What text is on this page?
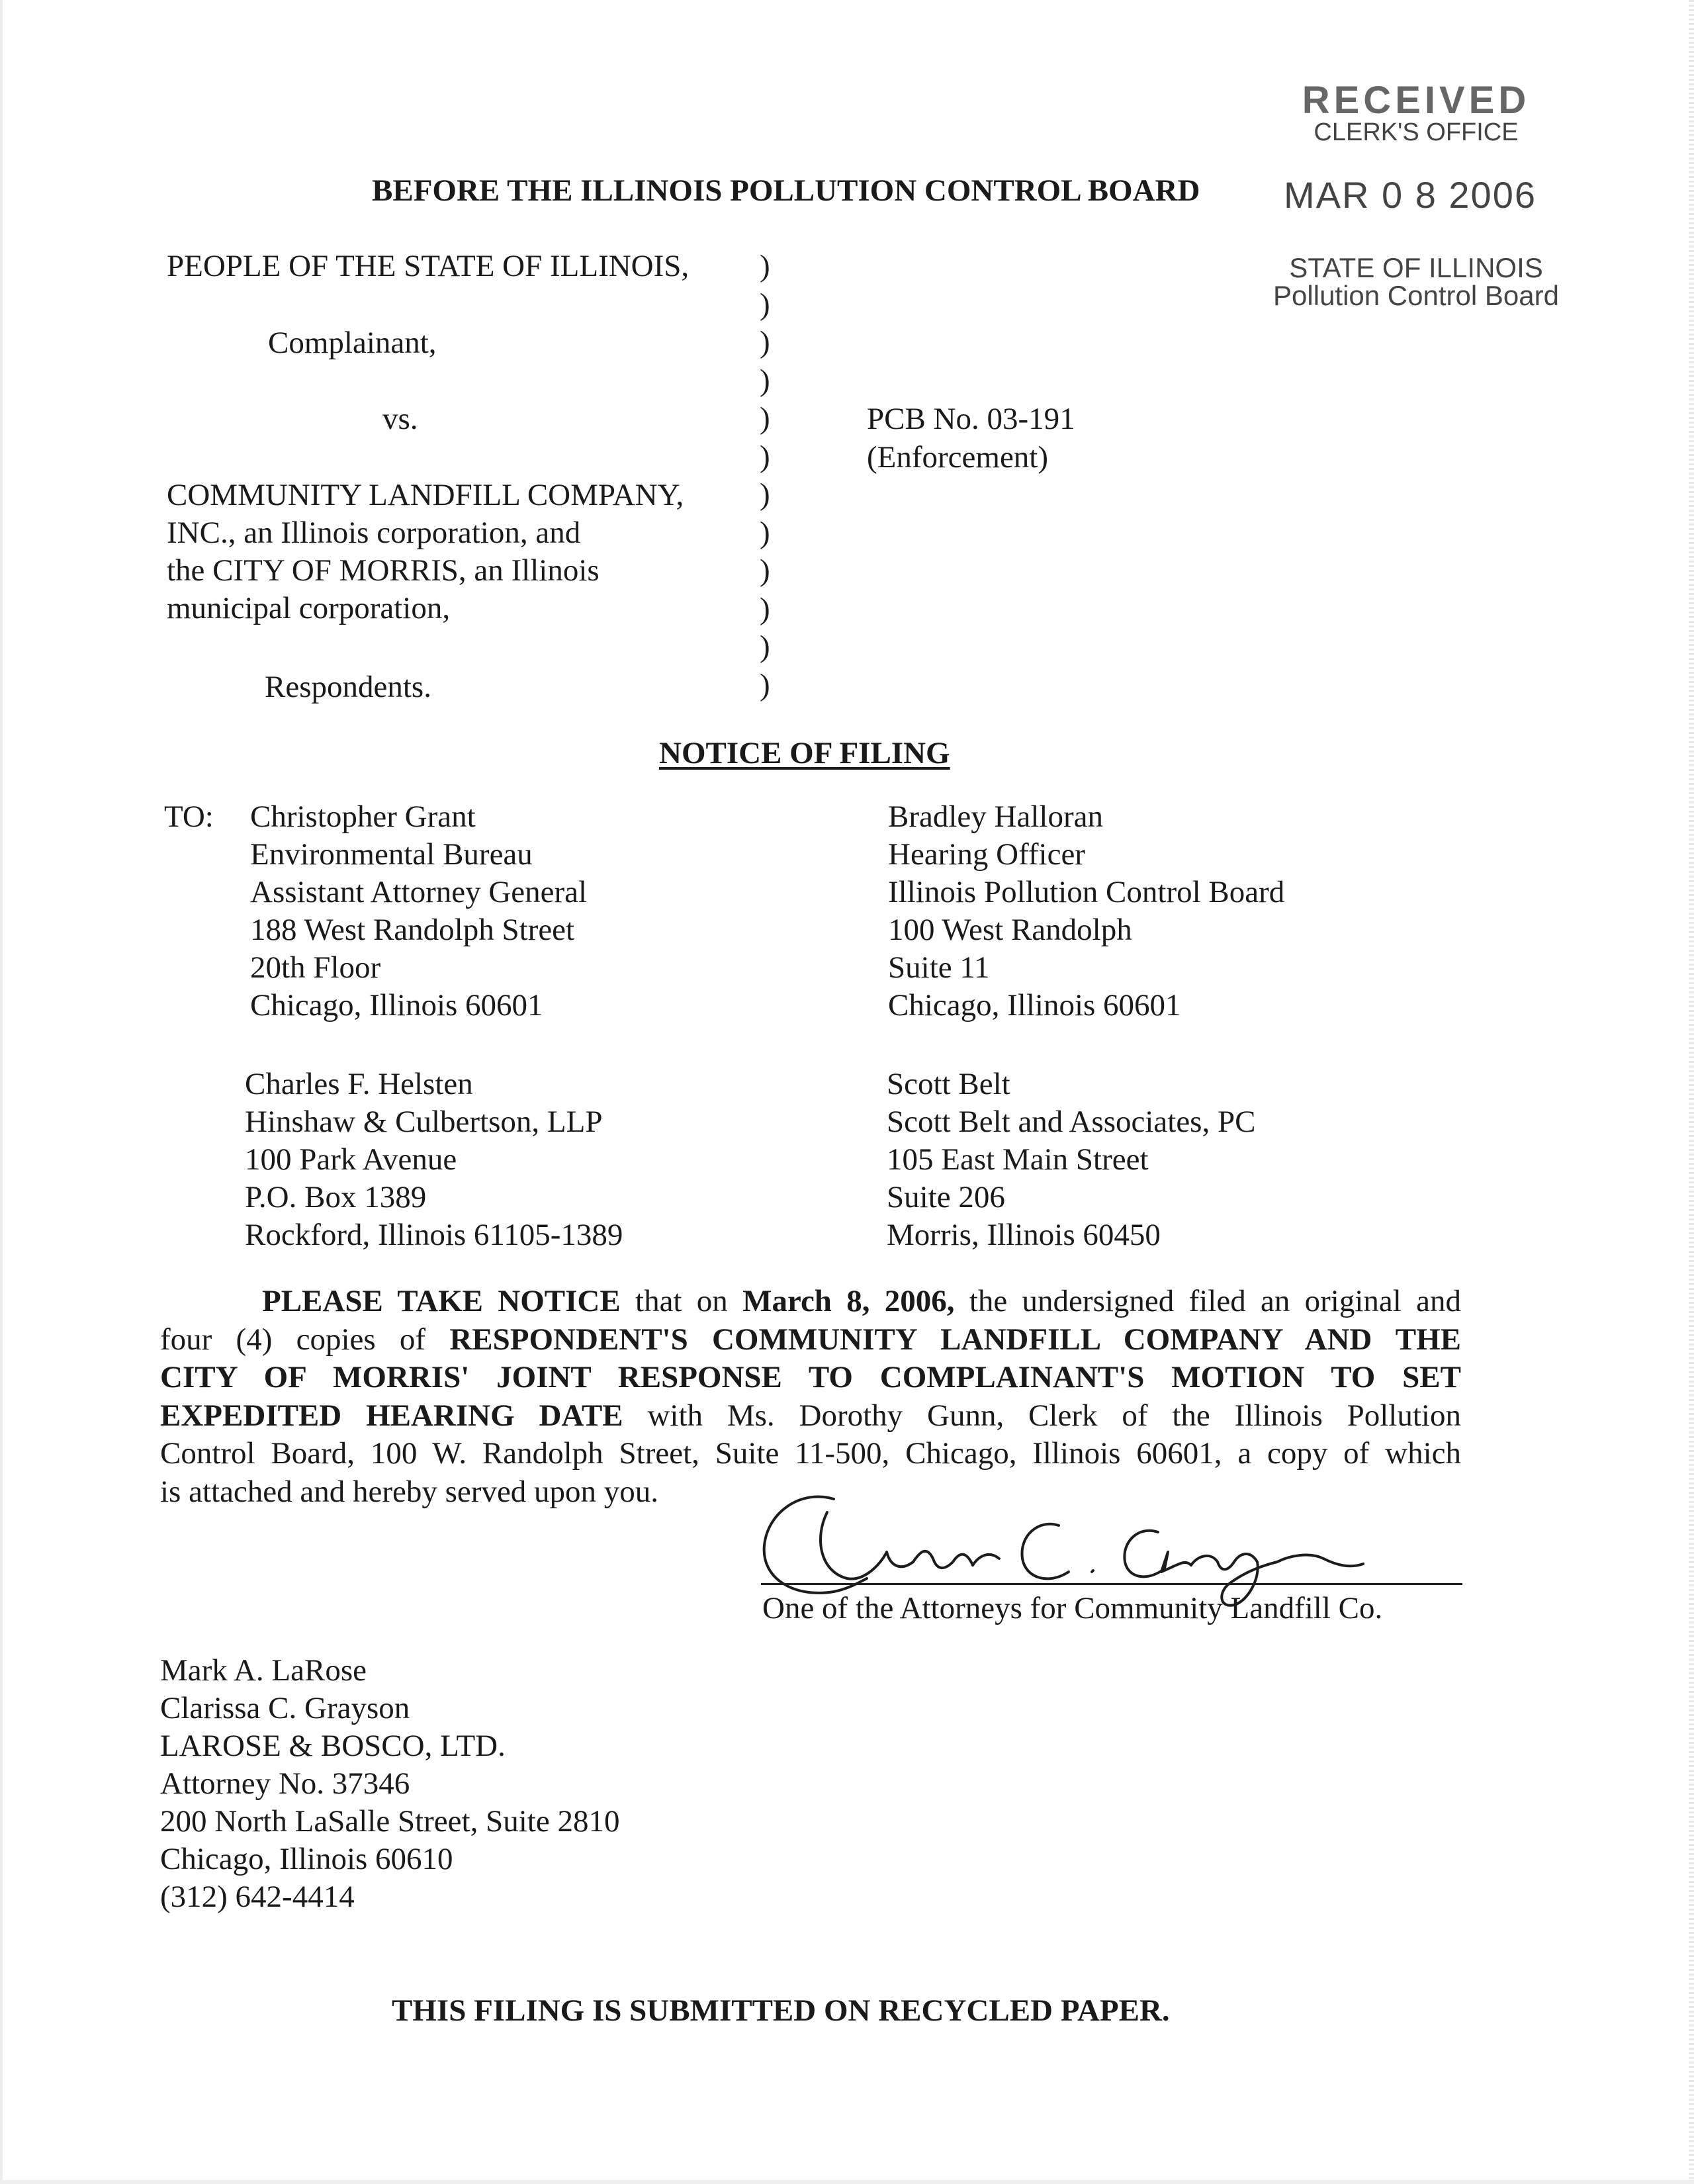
RECEIVED
CLERK'S OFFICE
MAR 0 8 2006
STATE OF ILLINOIS
Pollution Control Board
BEFORE THE ILLINOIS POLLUTION CONTROL BOARD
PEOPLE OF THE STATE OF ILLINOIS,
Complainant,
vs.
COMMUNITY LANDFILL COMPANY,
INC., an Illinois corporation, and
the CITY OF MORRIS, an Illinois
municipal corporation,
Respondents.
)
)
)
)
)
)
)
)
)
)
)
)
PCB No. 03-191
(Enforcement)
NOTICE OF FILING
TO: Christopher Grant
Environmental Bureau
Assistant Attorney General
188 West Randolph Street
20th Floor
Chicago, Illinois 60601
Bradley Halloran
Hearing Officer
Illinois Pollution Control Board
100 West Randolph
Suite 11
Chicago, Illinois 60601
Charles F. Helsten
Hinshaw & Culbertson, LLP
100 Park Avenue
P.O. Box 1389
Rockford, Illinois 61105-1389
Scott Belt
Scott Belt and Associates, PC
105 East Main Street
Suite 206
Morris, Illinois 60450
PLEASE TAKE NOTICE that on March 8, 2006, the undersigned filed an original and
four (4) copies of RESPONDENT'S COMMUNITY LANDFILL COMPANY AND THE
CITY OF MORRIS' JOINT RESPONSE TO COMPLAINANT'S MOTION TO SET
EXPEDITED HEARING DATE with Ms. Dorothy Gunn, Clerk of the Illinois Pollution
Control Board, 100 W. Randolph Street, Suite 11-500, Chicago, Illinois 60601, a copy of which
is attached and hereby served upon you.
One of the Attorneys for Community Landfill Co.
Mark A. LaRose
Clarissa C. Grayson
LAROSE & BOSCO, LTD.
Attorney No. 37346
200 North LaSalle Street, Suite 2810
Chicago, Illinois 60610
(312) 642-4414
THIS FILING IS SUBMITTED ON RECYCLED PAPER.
